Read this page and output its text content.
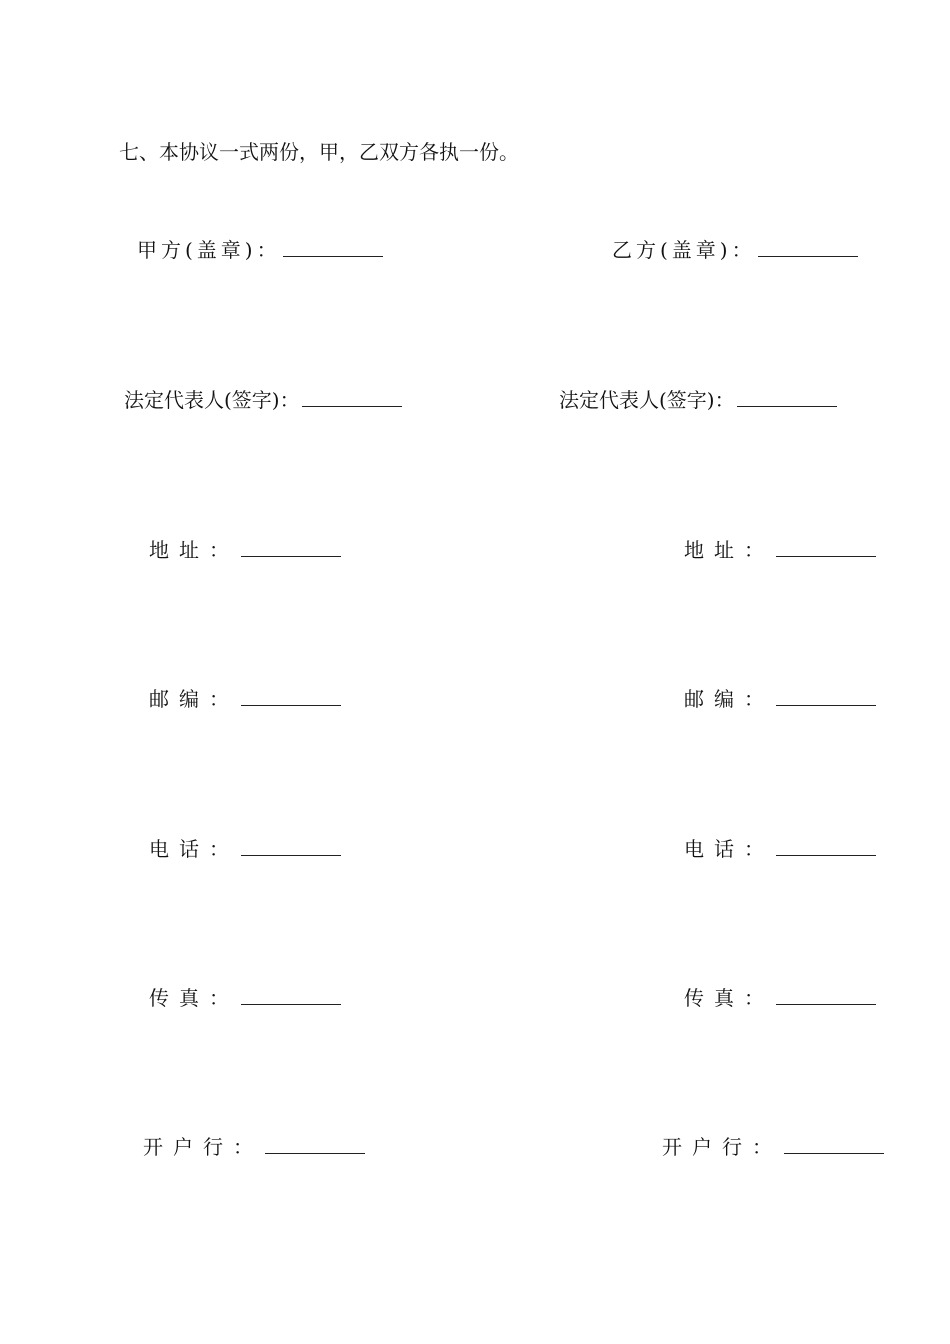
七、本协议一式两份，甲，乙双方各执一份。
甲方(盖章)：
法定代表人(签字)：
地址：
邮编：
电话：
传真：
开户行：
乙方(盖章)：
法定代表人(签字)：
地址：
邮编：
电话：
传真：
开户行：
